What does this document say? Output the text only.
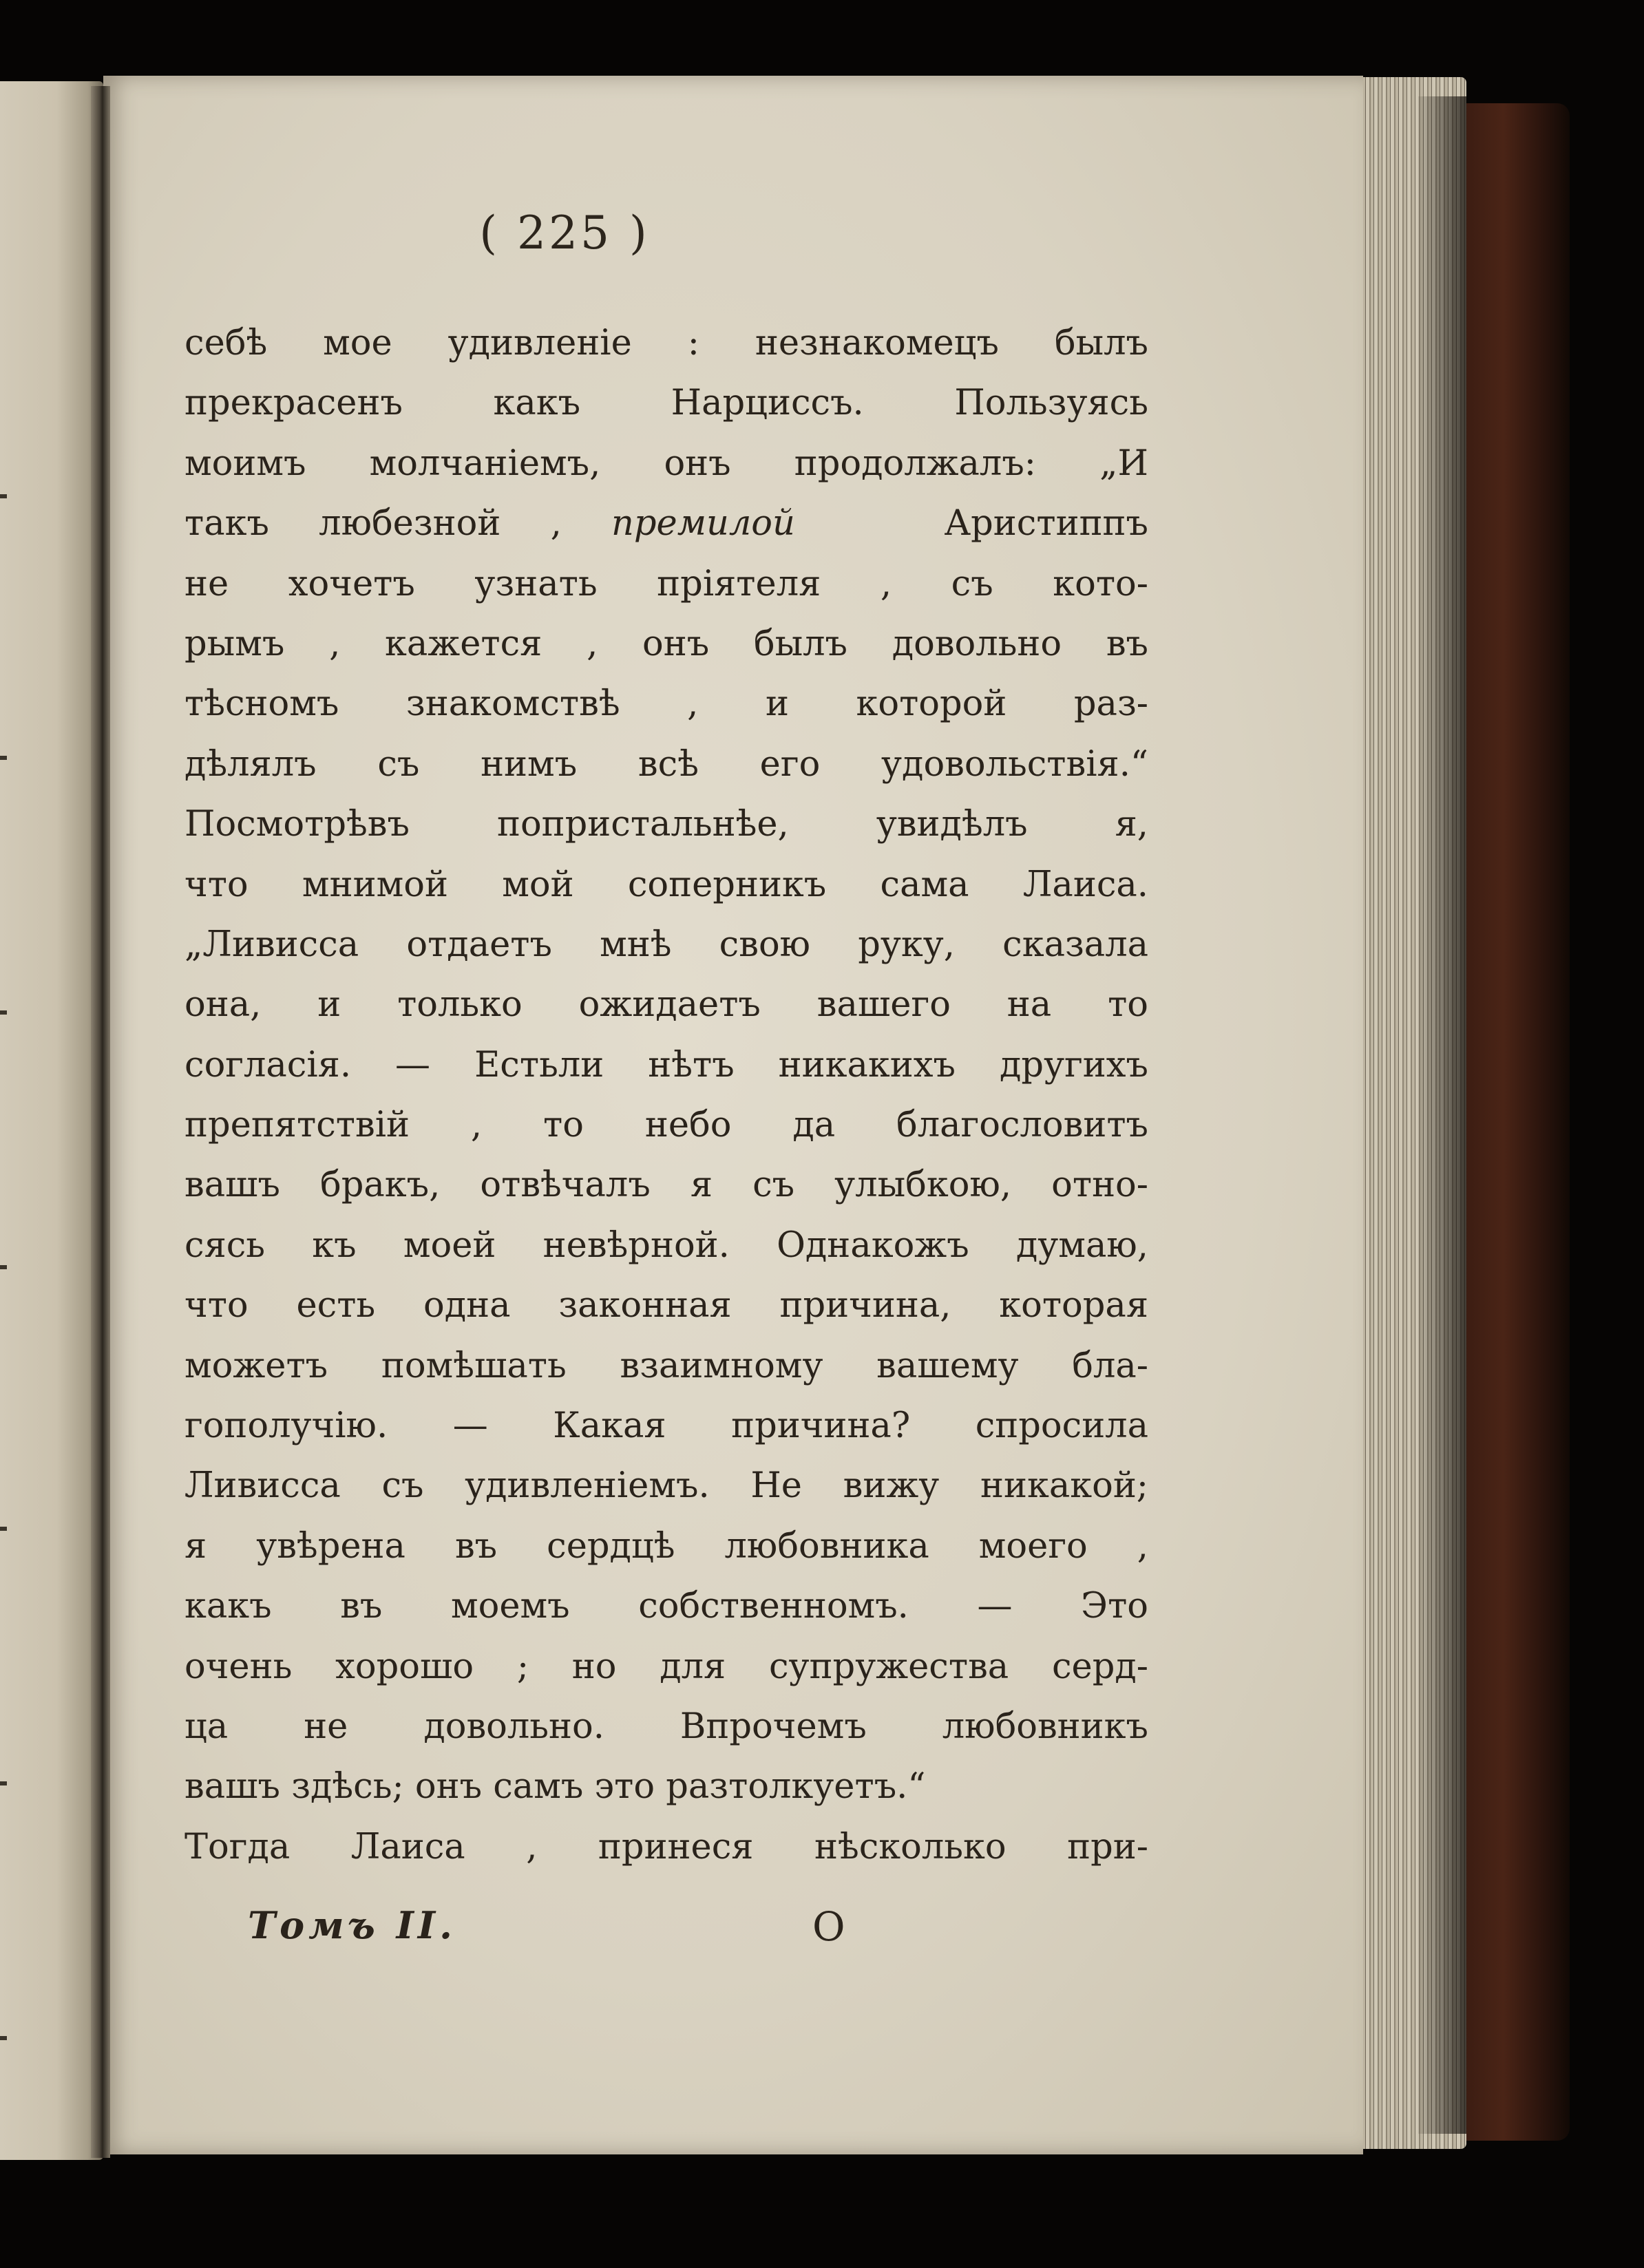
( 225 )
себѣ мое удивленіе : незнакомецъ былъ
прекрасенъ какъ Нарциссъ. Пользуясь
моимъ молчаніемъ, онъ продолжалъ: „И
такъ любезной , премилой	Аристиппъ
не хочетъ узнать пріятеля , съ кото-
рымъ , кажется , онъ былъ довольно въ
тѣсномъ знакомствѣ , и которой раз-
дѣлялъ съ нимъ всѣ его удовольствія.“
Посмотрѣвъ попристальнѣе, увидѣлъ я,
что мнимой мой соперникъ сама Лаиса.
„Ливисса отдаетъ мнѣ свою руку, сказала
она, и только ожидаетъ вашего на то
согласія. — Естьли нѣтъ никакихъ другихъ
препятствій , то небо да благословитъ
вашъ бракъ, отвѣчалъ я съ улыбкою, отно-
сясь къ моей невѣрной. Однакожъ думаю,
что есть одна законная причина, которая
можетъ помѣшать взаимному вашему бла-
гополучію. — Какая причина? спросила
Ливисса съ удивленіемъ. Не вижу никакой;
я увѣрена въ сердцѣ любовника моего ,
какъ въ моемъ собственномъ. — Это
очень хорошо ; но для супружества серд-
ца не довольно. Впрочемъ любовникъ
вашъ здѣсь; онъ самъ это разтолкуетъ.“
Тогда Лаиса , принеся нѣсколько при-
Томъ II.	О
